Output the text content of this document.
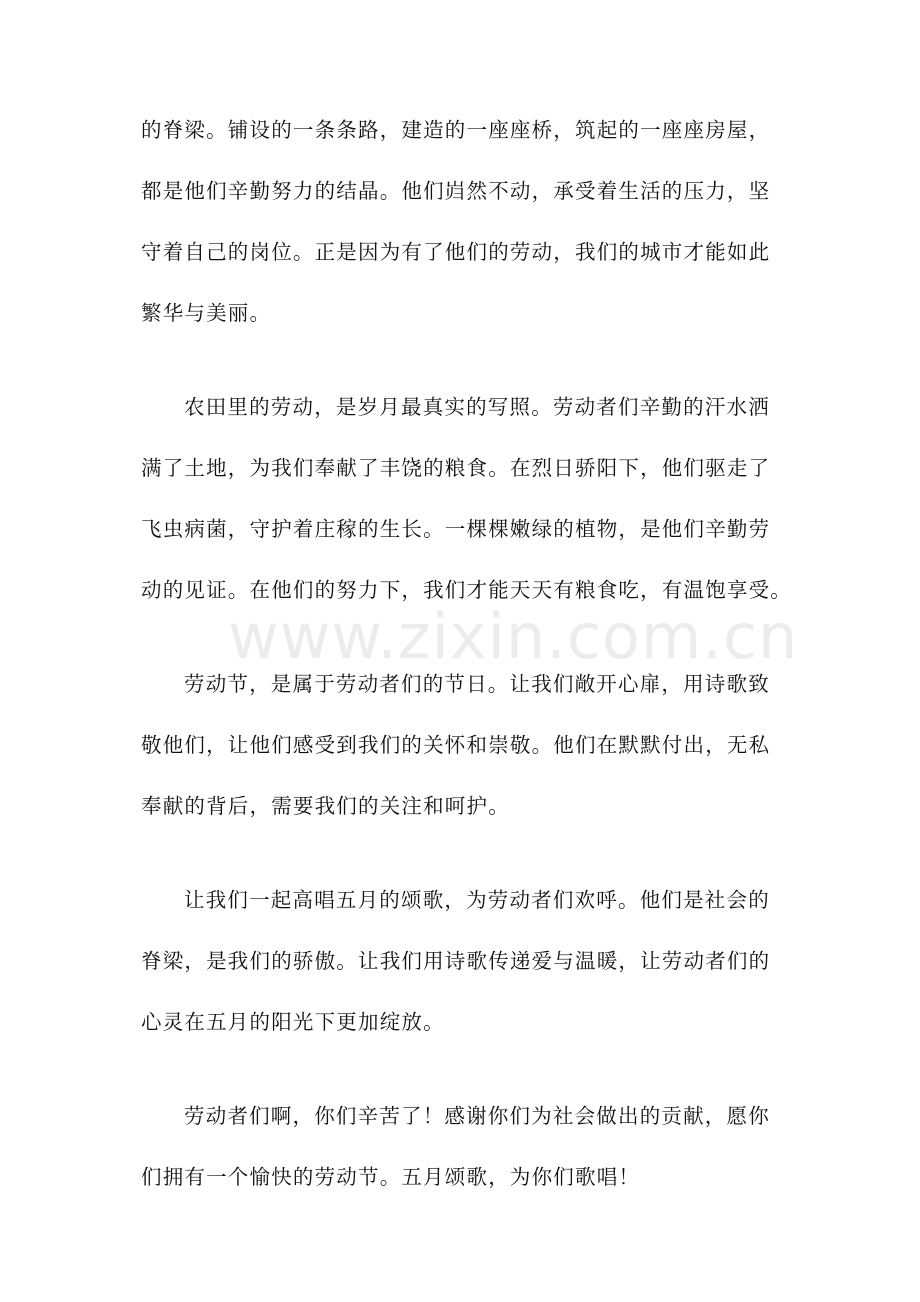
的脊梁。铺设的一条条路，建造的一座座桥，筑起的一座座房屋，
都是他们辛勤努力的结晶。他们岿然不动，承受着生活的压力，坚
守着自己的岗位。正是因为有了他们的劳动，我们的城市才能如此
繁华与美丽。
农田里的劳动，是岁月最真实的写照。劳动者们辛勤的汗水洒
满了土地，为我们奉献了丰饶的粮食。在烈日骄阳下，他们驱走了
飞虫病菌，守护着庄稼的生长。一棵棵嫩绿的植物，是他们辛勤劳
动的见证。在他们的努力下，我们才能天天有粮食吃，有温饱享受。
劳动节，是属于劳动者们的节日。让我们敞开心扉，用诗歌致
敬他们，让他们感受到我们的关怀和崇敬。他们在默默付出，无私
奉献的背后，需要我们的关注和呵护。
让我们一起高唱五月的颂歌，为劳动者们欢呼。他们是社会的
脊梁，是我们的骄傲。让我们用诗歌传递爱与温暖，让劳动者们的
心灵在五月的阳光下更加绽放。
劳动者们啊，你们辛苦了！感谢你们为社会做出的贡献，愿你
们拥有一个愉快的劳动节。五月颂歌，为你们歌唱！
www.zixin.com.cn
